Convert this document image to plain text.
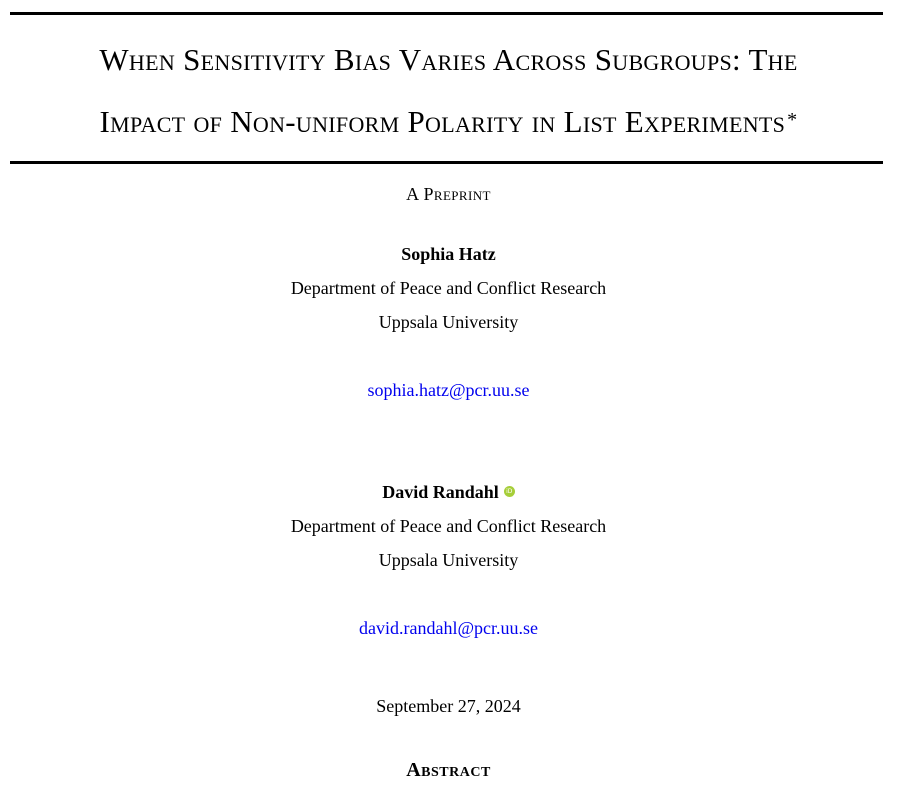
When Sensitivity Bias Varies Across Subgroups: The
Impact of Non-uniform Polarity in List Experiments *
A Preprint
Sophia Hatz
Department of Peace and Conflict Research
Uppsala University
sophia.hatz@pcr.uu.se
David Randahl iD
Department of Peace and Conflict Research
Uppsala University
david.randahl@pcr.uu.se
September 27, 2024
Abstract
